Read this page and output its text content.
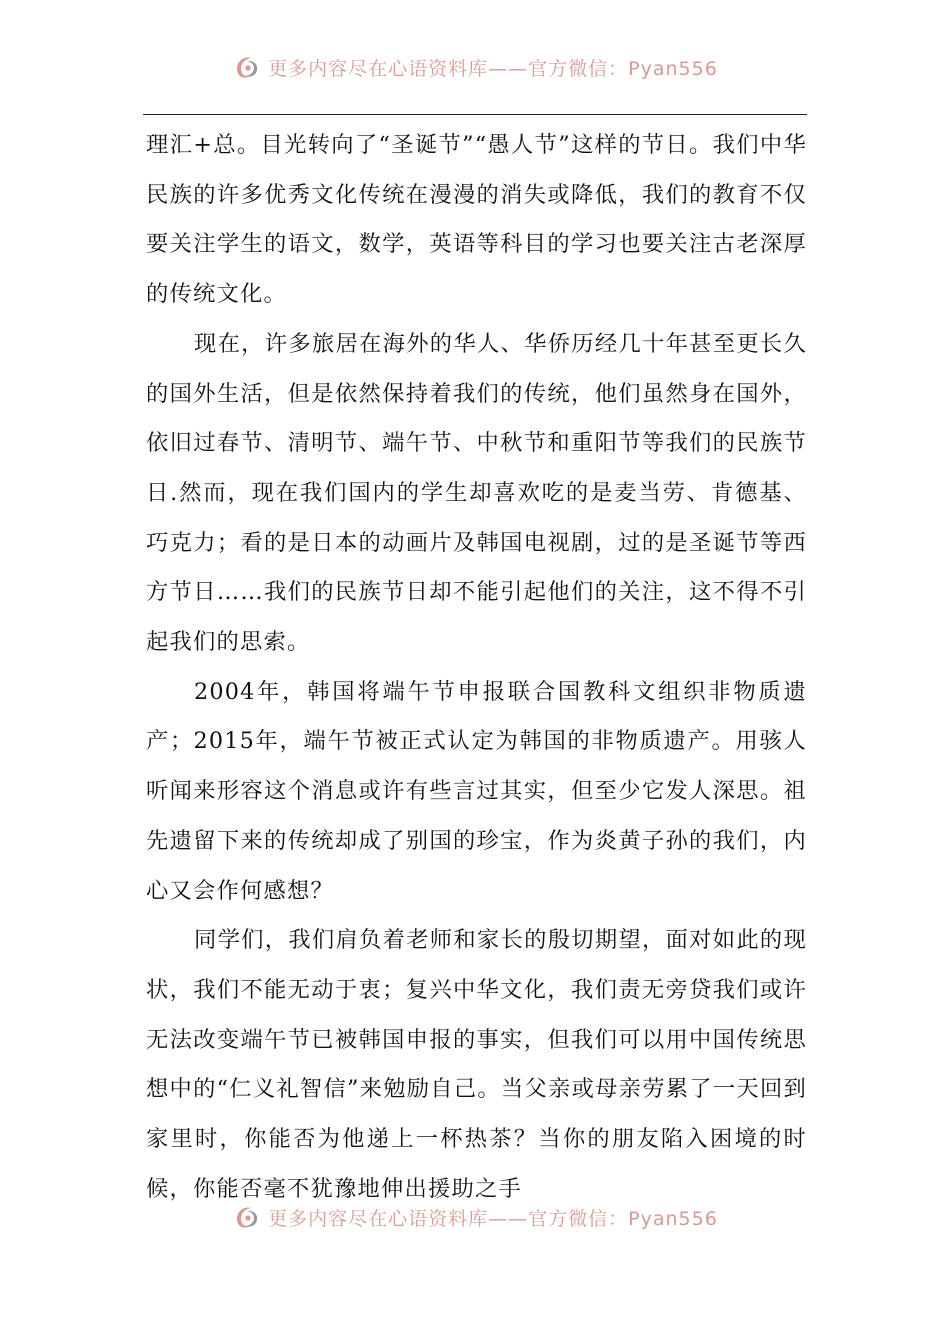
更多内容尽在心语资料库——官方微信：Pyan556

理汇+总。目光转向了“圣诞节”“愚人节”这样的节日。我们中华民族的许多优秀文化传统在漫漫的消失或降低，我们的教育不仅要关注学生的语文，数学，英语等科目的学习也要关注古老深厚的传统文化。

现在，许多旅居在海外的华人、华侨历经几十年甚至更长久的国外生活，但是依然保持着我们的传统，他们虽然身在国外，依旧过春节、清明节、端午节、中秋节和重阳节等我们的民族节日.然而，现在我们国内的学生却喜欢吃的是麦当劳、肯德基、巧克力；看的是日本的动画片及韩国电视剧，过的是圣诞节等西方节日……我们的民族节日却不能引起他们的关注，这不得不引起我们的思索。

2004年，韩国将端午节申报联合国教科文组织非物质遗产；2015年，端午节被正式认定为韩国的非物质遗产。用骇人听闻来形容这个消息或许有些言过其实，但至少它发人深思。祖先遗留下来的传统却成了别国的珍宝，作为炎黄子孙的我们，内心又会作何感想？

同学们，我们肩负着老师和家长的殷切期望，面对如此的现状，我们不能无动于衷；复兴中华文化，我们责无旁贷我们或许无法改变端午节已被韩国申报的事实，但我们可以用中国传统思想中的“仁义礼智信”来勉励自己。当父亲或母亲劳累了一天回到家里时，你能否为他递上一杯热茶？当你的朋友陷入困境的时候，你能否毫不犹豫地伸出援助之手

更多内容尽在心语资料库——官方微信：Pyan556
